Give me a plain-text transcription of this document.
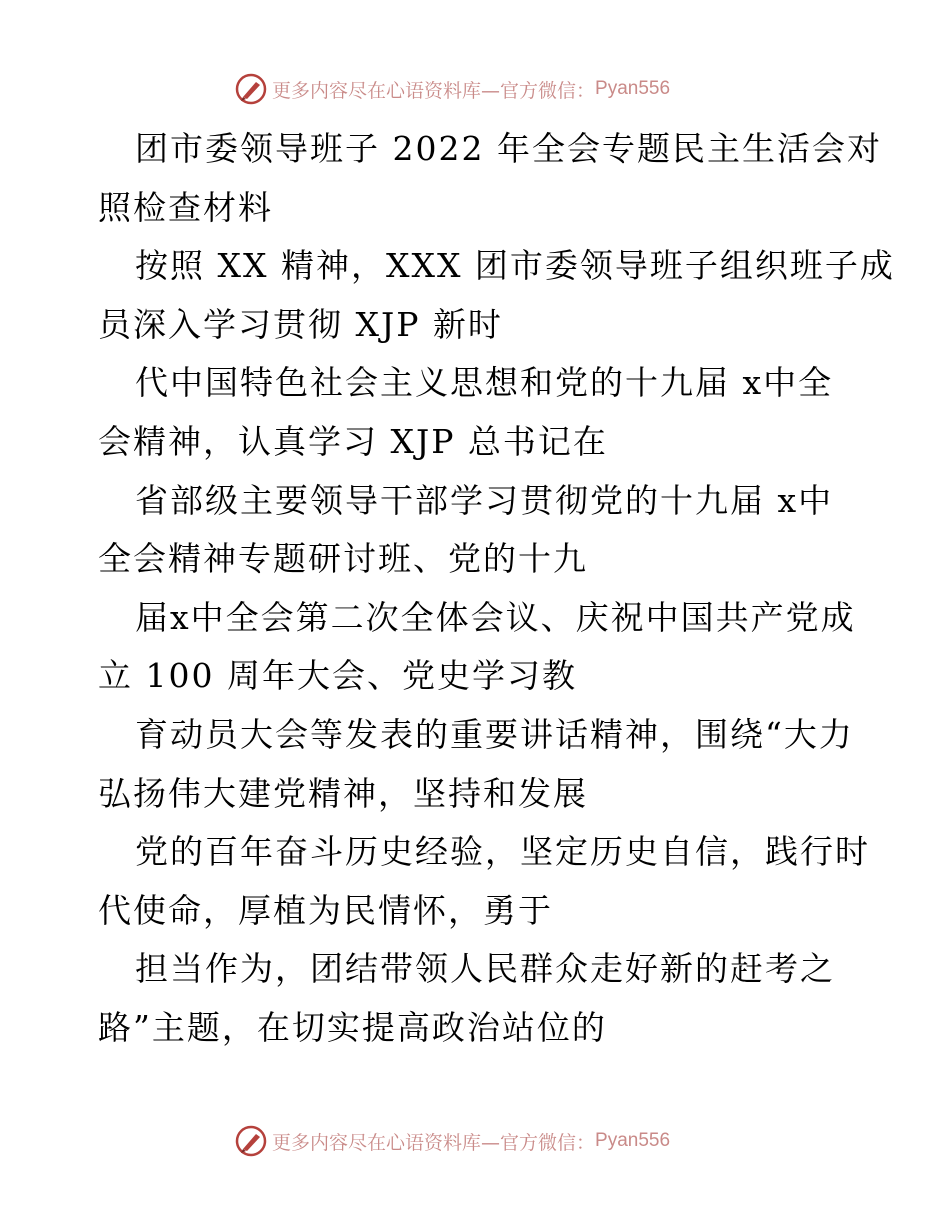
更多内容尽在心语资料库—官方微信： Pyan556
团市委领导班子 2022 年全会专题民主生活会对
照检查材料
按照 XX 精神，XXX 团市委领导班子组织班子成
员深入学习贯彻 XJP 新时
代中国特色社会主义思想和党的十九届 x中全
会精神，认真学习 XJP 总书记在
省部级主要领导干部学习贯彻党的十九届 x中
全会精神专题研讨班、党的十九
届x中全会第二次全体会议、庆祝中国共产党成
立 100 周年大会、党史学习教
育动员大会等发表的重要讲话精神，围绕“大力
弘扬伟大建党精神，坚持和发展
党的百年奋斗历史经验，坚定历史自信，践行时
代使命，厚植为民情怀，勇于
担当作为，团结带领人民群众走好新的赶考之
路”主题，在切实提高政治站位的
更多内容尽在心语资料库—官方微信： Pyan556
